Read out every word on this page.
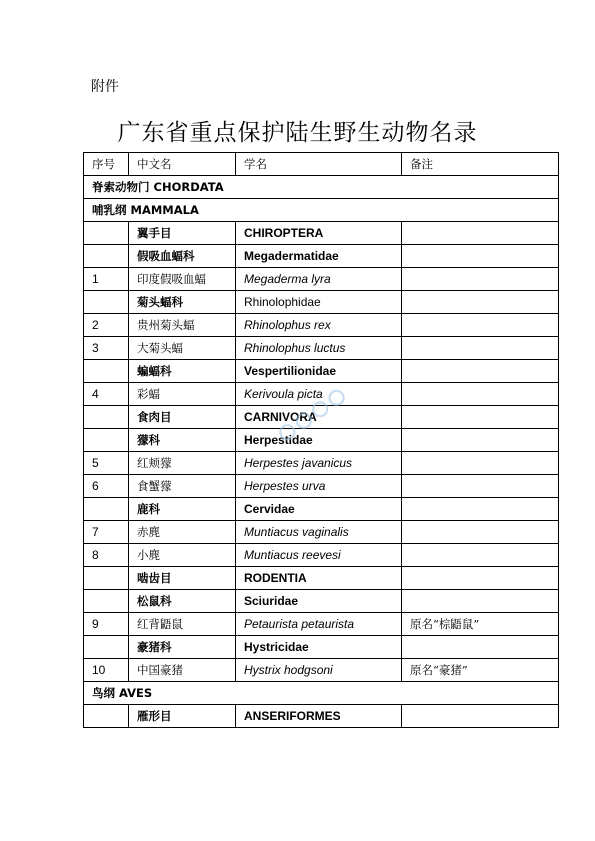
附件
广东省重点保护陆生野生动物名录
序号	中文名	学名	备注
脊索动物门 CHORDATA			
哺乳纲 MAMMALA			
	翼手目	CHIROPTERA	
	假吸血蝠科	Megadermatidae	
1	印度假吸血蝠	Megaderma lyra	
	菊头蝠科	Rhinolophidae	
2	贵州菊头蝠	Rhinolophus rex	
3	大菊头蝠	Rhinolophus luctus	
	蝙蝠科	Vespertilionidae	
4	彩蝠	Kerivoula picta	
	食肉目	CARNIVORA	
	獴科	Herpestidae	
5	红颊獴	Herpestes javanicus	
6	食蟹獴	Herpestes urva	
	鹿科	Cervidae	
7	赤麂	Muntiacus vaginalis	
8	小麂	Muntiacus reevesi	
	啮齿目	RODENTIA	
	松鼠科	Sciuridae	
9	红背鼯鼠	Petaurista petaurista	原名“棕鼯鼠”
	豪猪科	Hystricidae	
10	中国豪猪	Hystrix hodgsoni	原名“豪猪”
鸟纲 AVES			
	雁形目	ANSERIFORMES	
